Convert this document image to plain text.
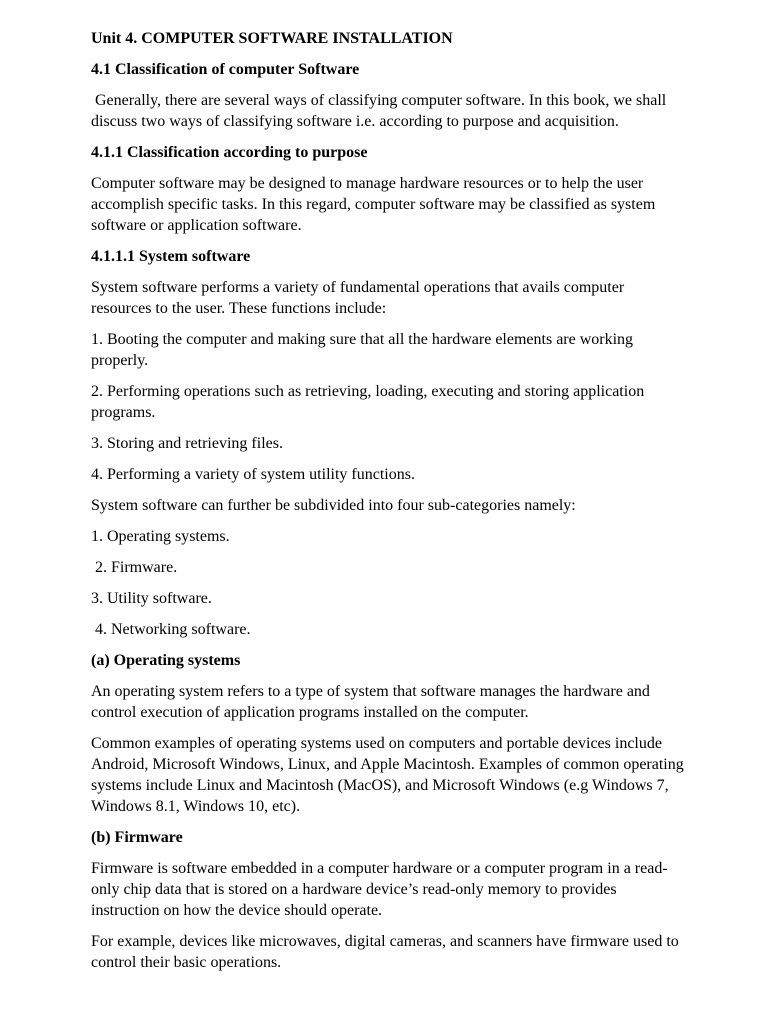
Unit 4. COMPUTER SOFTWARE INSTALLATION
4.1 Classification of computer Software
Generally, there are several ways of classifying computer software. In this book, we shall discuss two ways of classifying software i.e. according to purpose and acquisition.
4.1.1 Classification according to purpose
Computer software may be designed to manage hardware resources or to help the user accomplish specific tasks. In this regard, computer software may be classified as system software or application software.
4.1.1.1 System software
System software performs a variety of fundamental operations that avails computer resources to the user. These functions include:
1. Booting the computer and making sure that all the hardware elements are working properly.
2. Performing operations such as retrieving, loading, executing and storing application programs.
3. Storing and retrieving files.
4. Performing a variety of system utility functions.
System software can further be subdivided into four sub-categories namely:
1. Operating systems.
2. Firmware.
3. Utility software.
4. Networking software.
(a) Operating systems
An operating system refers to a type of system that software manages the hardware and control execution of application programs installed on the computer.
Common examples of operating systems used on computers and portable devices include Android, Microsoft Windows, Linux, and Apple Macintosh. Examples of common operating systems include Linux and Macintosh (MacOS), and Microsoft Windows (e.g Windows 7, Windows 8.1, Windows 10, etc).
(b) Firmware
Firmware is software embedded in a computer hardware or a computer program in a read-only chip data that is stored on a hardware device’s read-only memory to provides instruction on how the device should operate.
For example, devices like microwaves, digital cameras, and scanners have firmware used to control their basic operations.
